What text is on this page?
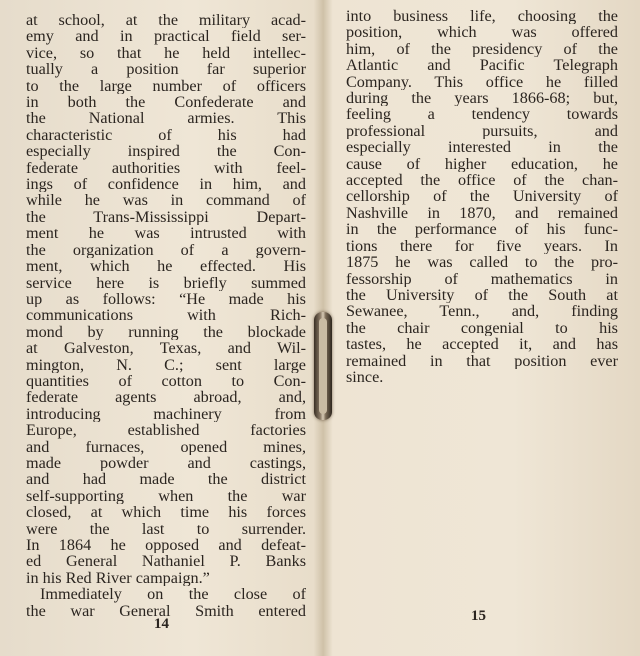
at school, at the military acad-
emy and in practical field ser-
vice, so that he held intellec-
tually a position far superior
to the large number of officers
in both the Confederate and
the National armies. This
characteristic of his had
especially inspired the Con-
federate authorities with feel-
ings of confidence in him, and
while he was in command of
the Trans-Mississippi Depart-
ment he was intrusted with
the organization of a govern-
ment, which he effected. His
service here is briefly summed
up as follows: “He made his
communications with Rich-
mond by running the blockade
at Galveston, Texas, and Wil-
mington, N. C.; sent large
quantities of cotton to Con-
federate agents abroad, and,
introducing machinery from
Europe, established factories
and furnaces, opened mines,
made powder and castings,
and had made the district
self-supporting when the war
closed, at which time his forces
were the last to surrender.
In 1864 he opposed and defeat-
ed General Nathaniel P. Banks
in his Red River campaign.”
Immediately on the close of
the war General Smith entered
14
into business life, choosing the
position, which was offered
him, of the presidency of the
Atlantic and Pacific Telegraph
Company. This office he filled
during the years 1866-68; but,
feeling a tendency towards
professional pursuits, and
especially interested in the
cause of higher education, he
accepted the office of the chan-
cellorship of the University of
Nashville in 1870, and remained
in the performance of his func-
tions there for five years. In
1875 he was called to the pro-
fessorship of mathematics in
the University of the South at
Sewanee, Tenn., and, finding
the chair congenial to his
tastes, he accepted it, and has
remained in that position ever
since.
15
